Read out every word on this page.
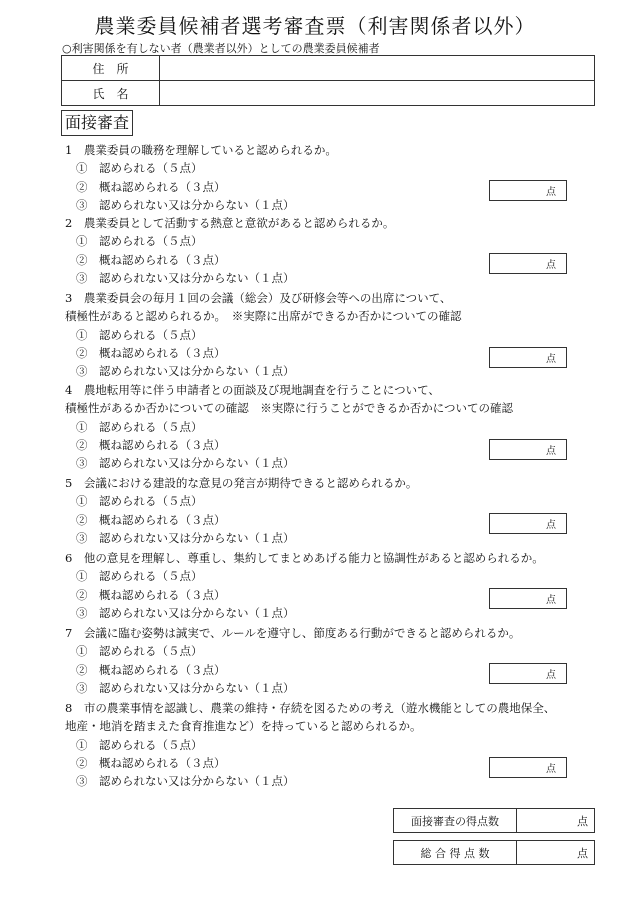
農業委員候補者選考審査票（利害関係者以外）
○利害関係を有しない者（農業者以外）としての農業委員候補者
住所	
氏名	
面接審査
1　農業委員の職務を理解していると認められるか。
①　認められる（５点）
②　概ね認められる（３点）
③　認められない又は分からない（１点）
点
2　農業委員として活動する熱意と意欲があると認められるか。
①　認められる（５点）
②　概ね認められる（３点）
③　認められない又は分からない（１点）
点
3　農業委員会の毎月１回の会議（総会）及び研修会等への出席について、
積極性があると認められるか。　※実際に出席ができるか否かについての確認
①　認められる（５点）
②　概ね認められる（３点）
③　認められない又は分からない（１点）
点
4　農地転用等に伴う申請者との面談及び現地調査を行うことについて、
積極性があるか否かについての確認　※実際に行うことができるか否かについての確認
①　認められる（５点）
②　概ね認められる（３点）
③　認められない又は分からない（１点）
点
5　会議における建設的な意見の発言が期待できると認められるか。
①　認められる（５点）
②　概ね認められる（３点）
③　認められない又は分からない（１点）
点
6　他の意見を理解し、尊重し、集約してまとめあげる能力と協調性があると認められるか。
①　認められる（５点）
②　概ね認められる（３点）
③　認められない又は分からない（１点）
点
7　会議に臨む姿勢は誠実で、ルールを遵守し、節度ある行動ができると認められるか。
①　認められる（５点）
②　概ね認められる（３点）
③　認められない又は分からない（１点）
点
8　市の農業事情を認識し、農業の維持・存続を図るための考え（遊水機能としての農地保全、
地産・地消を踏まえた食育推進など）を持っていると認められるか。
①　認められる（５点）
②　概ね認められる（３点）
③　認められない又は分からない（１点）
点
面接審査の得点数	点
総 合 得 点 数	点
